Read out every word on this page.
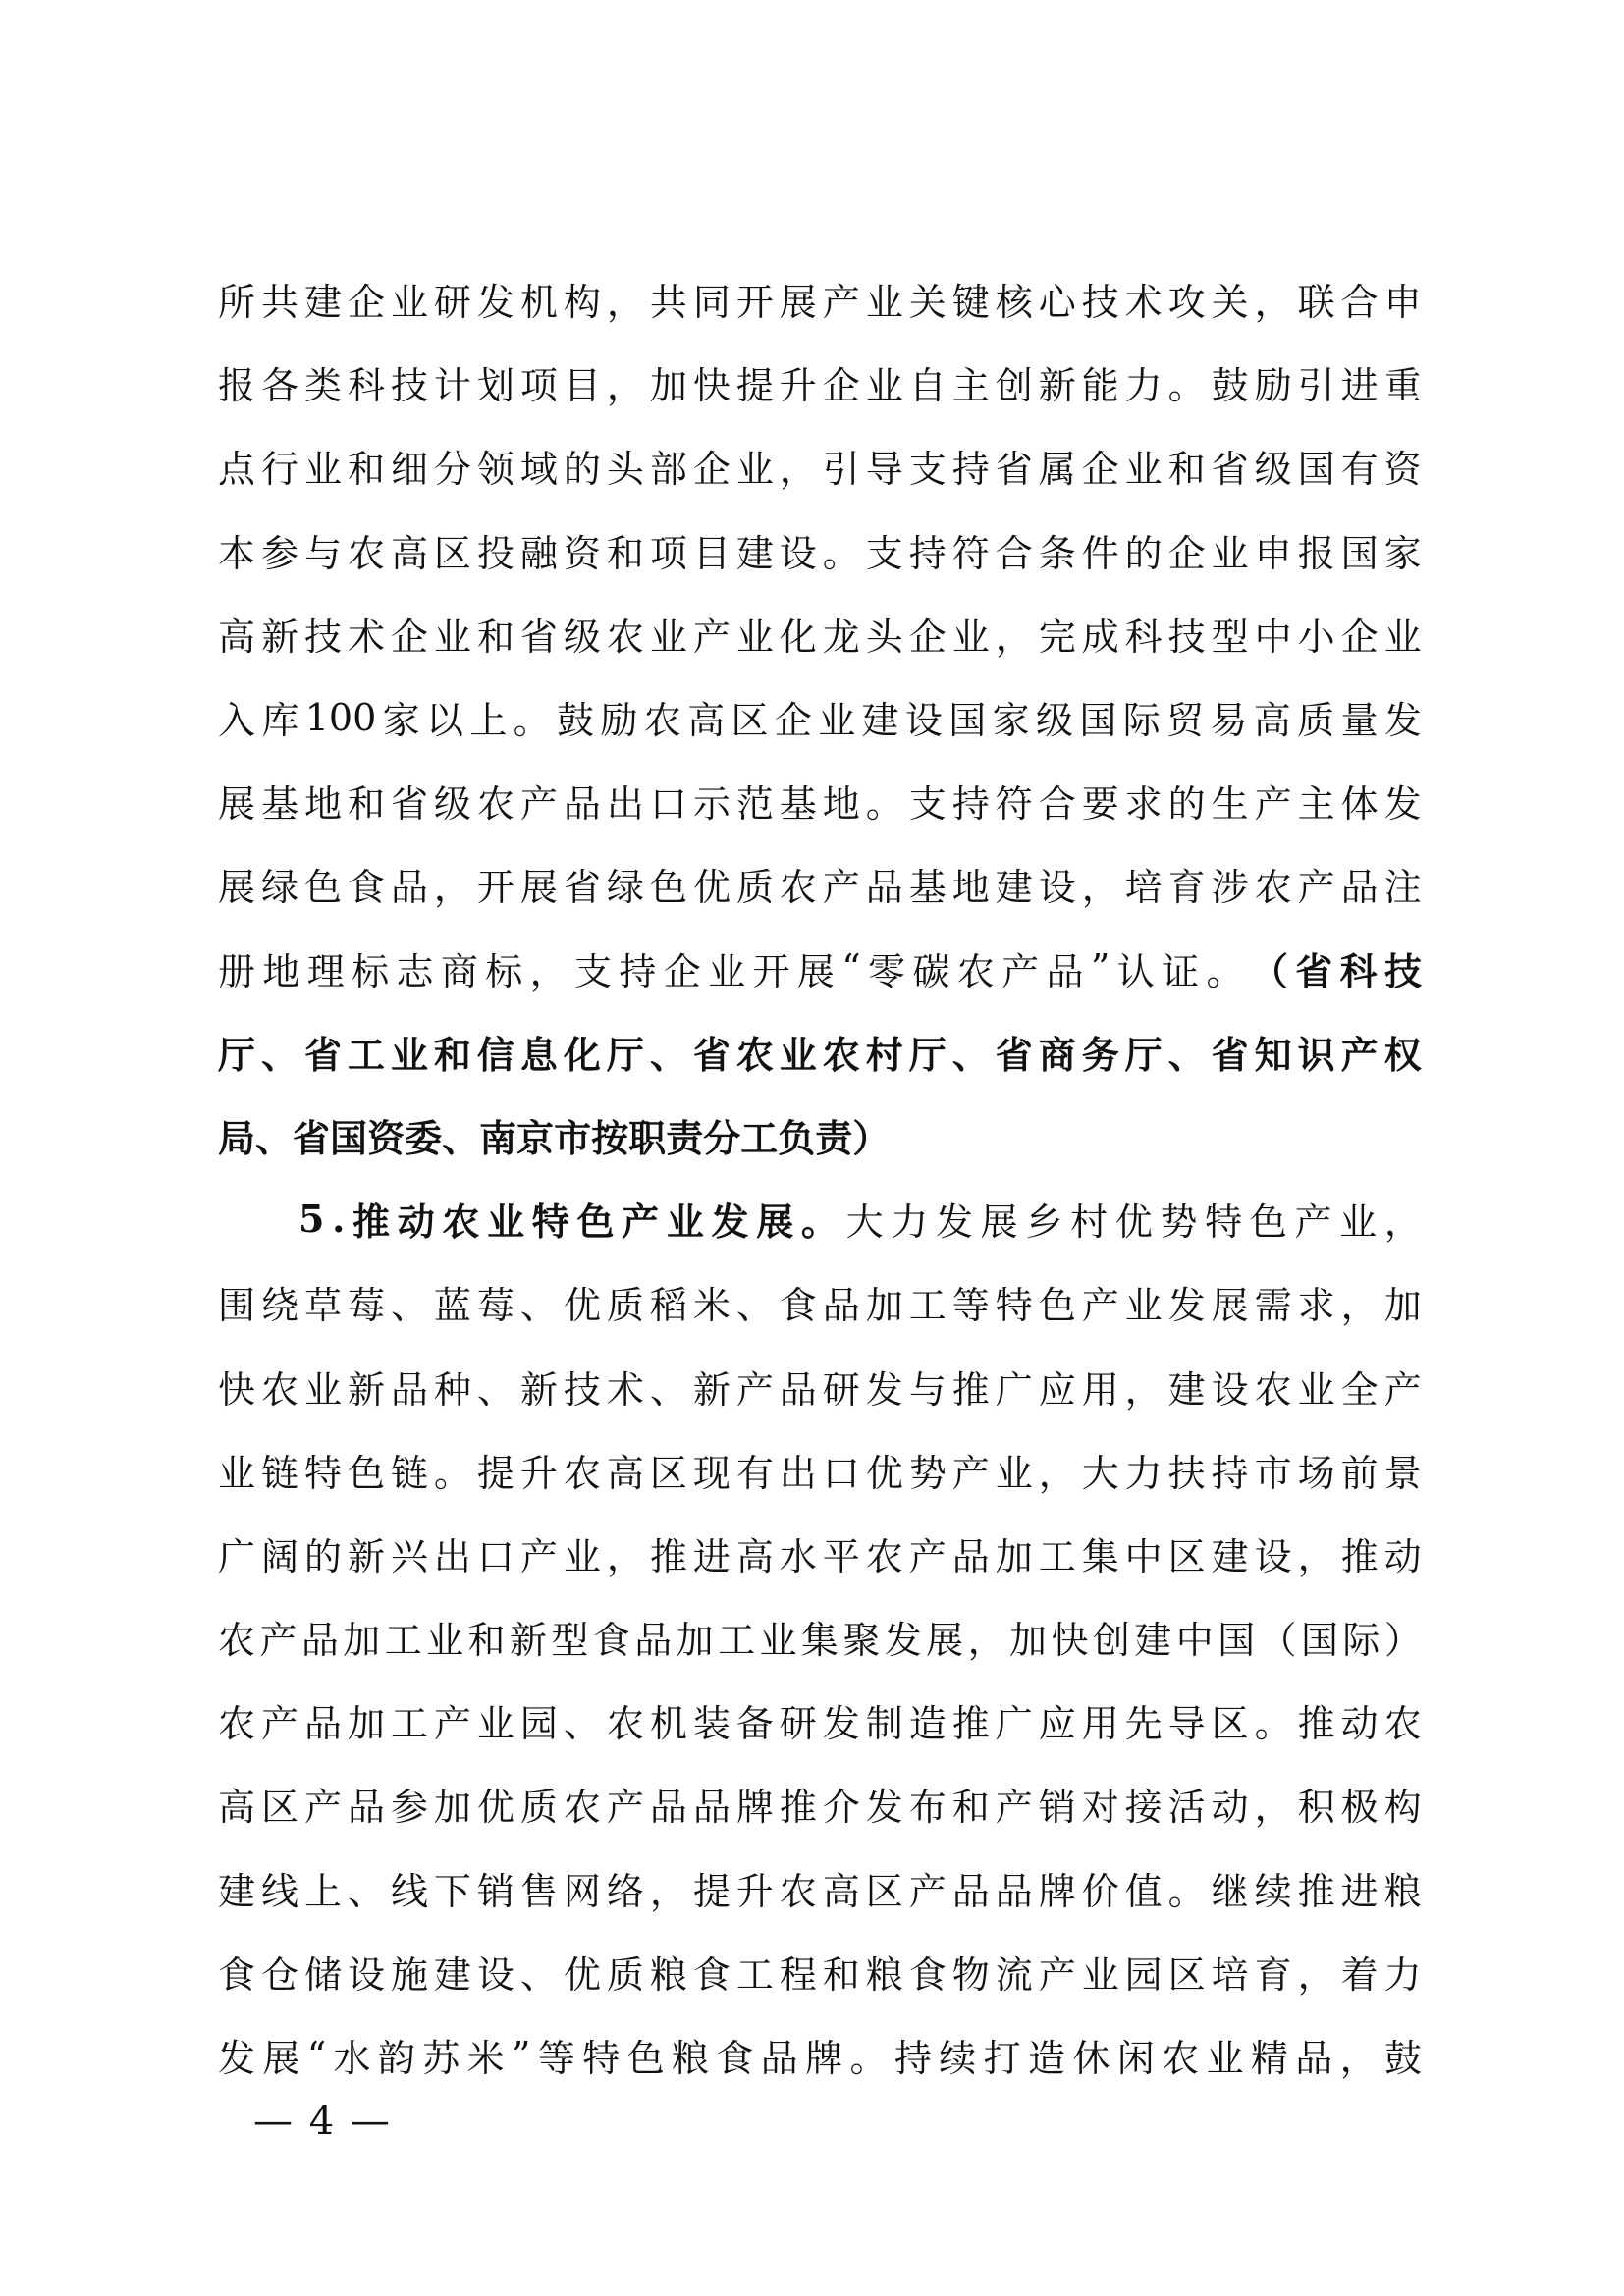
所 共 建 企 业 研 发 机 构 ， 共 同 开 展 产 业 关 键 核 心 技 术 攻 关 ， 联 合 申
报 各 类 科 技 计 划 项 目 ， 加 快 提 升 企 业 自 主 创 新 能 力 。 鼓 励 引 进 重
点 行 业 和 细 分 领 域 的 头 部 企 业 ， 引 导 支 持 省 属 企 业 和 省 级 国 有 资
本 参 与 农 高 区 投 融 资 和 项 目 建 设 。 支 持 符 合 条 件 的 企 业 申 报 国 家
高 新 技 术 企 业 和 省 级 农 业 产 业 化 龙 头 企 业 ， 完 成 科 技 型 中 小 企 业
入 库 100 家 以 上 。 鼓 励 农 高 区 企 业 建 设 国 家 级 国 际 贸 易 高 质 量 发
展 基 地 和 省 级 农 产 品 出 口 示 范 基 地 。 支 持 符 合 要 求 的 生 产 主 体 发
展 绿 色 食 品 ， 开 展 省 绿 色 优 质 农 产 品 基 地 建 设 ， 培 育 涉 农 产 品 注
册 地 理 标 志 商 标 ， 支 持 企 业 开 展 “ 零 碳 农 产 品 ” 认 证 。 （ 省 科 技
厅 、 省 工 业 和 信 息 化 厅 、 省 农 业 农 村 厅 、 省 商 务 厅 、 省 知 识 产 权
局 、 省 国 资 委 、 南 京 市 按 职 责 分 工 负 责 ）
5 . 推 动 农 业 特 色 产 业 发 展 。 大 力 发 展 乡 村 优 势 特 色 产 业 ，
围 绕 草 莓 、 蓝 莓 、 优 质 稻 米 、 食 品 加 工 等 特 色 产 业 发 展 需 求 ， 加
快 农 业 新 品 种 、 新 技 术 、 新 产 品 研 发 与 推 广 应 用 ， 建 设 农 业 全 产
业 链 特 色 链 。 提 升 农 高 区 现 有 出 口 优 势 产 业 ， 大 力 扶 持 市 场 前 景
广 阔 的 新 兴 出 口 产 业 ， 推 进 高 水 平 农 产 品 加 工 集 中 区 建 设 ， 推 动
农 产 品 加 工 业 和 新 型 食 品 加 工 业 集 聚 发 展 ， 加 快 创 建 中 国 （ 国 际 ）
农 产 品 加 工 产 业 园 、 农 机 装 备 研 发 制 造 推 广 应 用 先 导 区 。 推 动 农
高 区 产 品 参 加 优 质 农 产 品 品 牌 推 介 发 布 和 产 销 对 接 活 动 ， 积 极 构
建 线 上 、 线 下 销 售 网 络 ， 提 升 农 高 区 产 品 品 牌 价 值 。 继 续 推 进 粮
食 仓 储 设 施 建 设 、 优 质 粮 食 工 程 和 粮 食 物 流 产 业 园 区 培 育 ， 着 力
发 展 “ 水 韵 苏 米 ” 等 特 色 粮 食 品 牌 。 持 续 打 造 休 闲 农 业 精 品 ， 鼓
— 4 —
